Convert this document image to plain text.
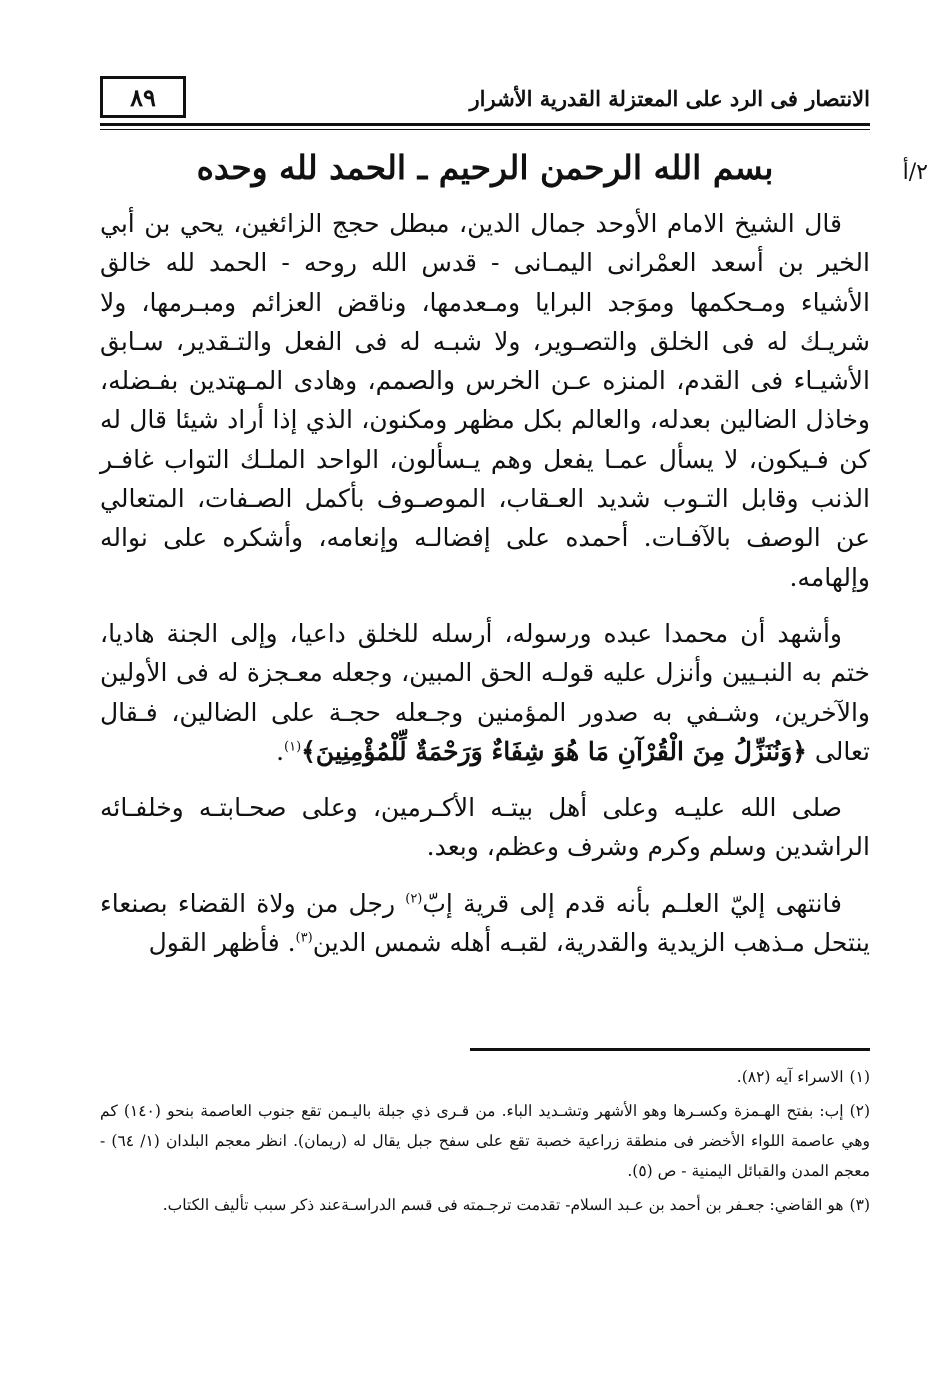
الانتصار فى الرد على المعتزلة القدرية الأشرار
٨٩
٢/أ
بسم الله الرحمن الرحيم ـ الحمد لله وحده

قال الشيخ الامام الأوحد جمال الدين، مبطل حجج الزائغين، يحي بن أبي الخير بن أسعد العمْرانى اليمـانى - قدس الله روحه - الحمد لله خالق الأشياء ومـحكمها وموَجد البرايا ومـعدمها، وناقض العزائم ومبـرمها، ولا شريـك له فى الخلق والتصـوير، ولا شبـه له فى الفعل والتـقدير، سـابق الأشيـاء فى القدم، المنزه عـن الخرس والصمم، وهادى المـهتدين بفـضله، وخاذل الضالين بعدله، والعالم بكل مظهر ومكنون، الذي إذا أراد شيئا قال له كن فـيكون، لا يسأل عمـا يفعل وهم يـسألون، الواحد الملـك التواب غافـر الذنب وقابل التـوب شديد العـقاب، الموصـوف بأكمل الصـفات، المتعالي عن الوصف بالآفـات. أحمده على إفضالـه وإنعامه، وأشكره على نواله وإلهامه.

وأشهد أن محمدا عبده ورسوله، أرسله للخلق داعيا، وإلى الجنة هاديا، ختم به النبـيين وأنزل عليه قولـه الحق المبين، وجعله معـجزة له فى الأولين والآخرين، وشـفي به صدور المؤمنين وجـعله حجـة على الضالين، فـقال تعالى ﴿وَنُنَزِّلُ مِنَ الْقُرْآنِ مَا هُوَ شِفَاءٌ وَرَحْمَةٌ لِّلْمُؤْمِنِينَ﴾$^{(١)}$.

صلى الله عليـه وعلى أهل بيتـه الأكـرمين، وعلى صحـابتـه وخلفـائه الراشدين وسلم وكرم وشرف وعظم، وبعد.

فانتهى إليّ العلـم بأنه قدم إلى قرية إبّ$^{(٢)}$ رجل من ولاة القضاء بصنعاء ينتحل مـذهب الزيدية والقدرية، لقبـه أهله شمس الدين$^{(٣)}$. فأظهر القول

(١)الاسراء آيه (٨٢).

(٢)إب: بفتح الهـمزة وكسـرها وهو الأشهر وتشـديد الباء. من قـرى ذي جبلة باليـمن تقع جنوب العاصمة بنحو (١٤٠) كم وهي عاصمة اللواء الأخضر فى منطقة زراعية خصبة تقع على سفح جبل يقال له (ريمان). انظر معجم البلدان (١/ ٦٤) - معجم المدن والقبائل اليمنية - ص (٥).

(٣)هو القاضي: جعـفر بن أحمد بن عـبد السلام- تقدمت ترجـمته فى قسم الدراسـةعند ذكر سبب تأليف الكتاب.
